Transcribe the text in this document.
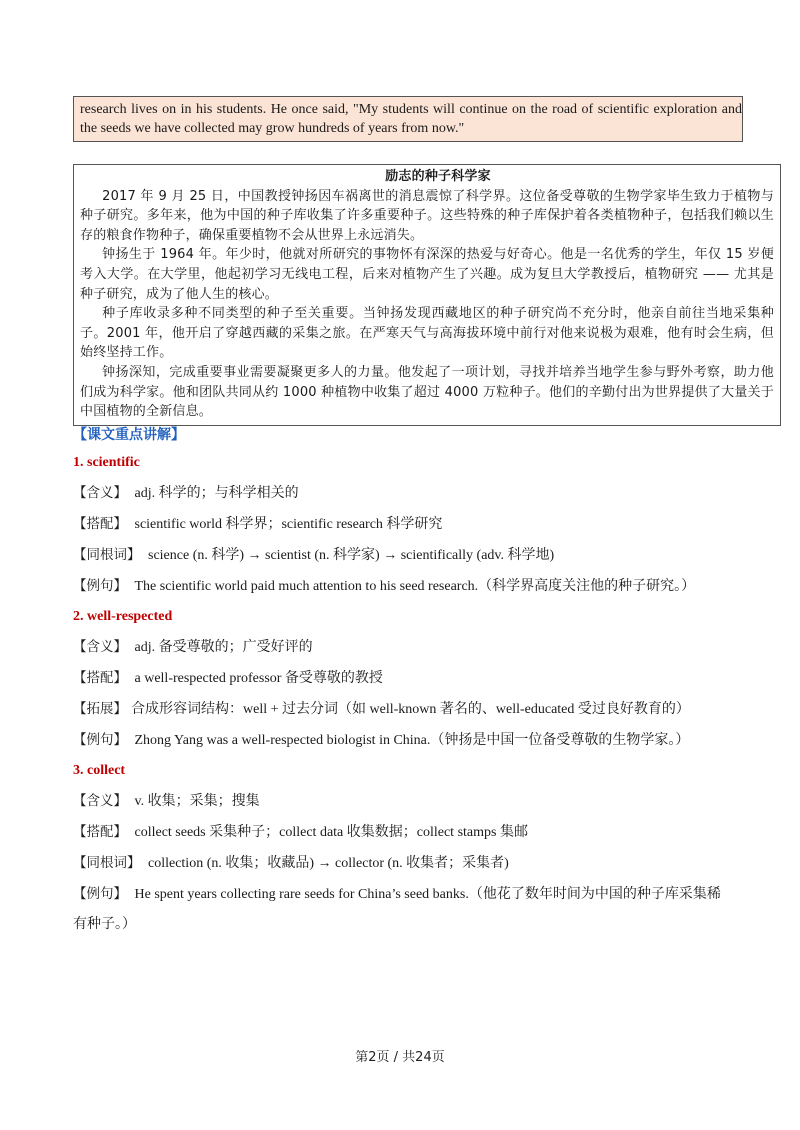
research lives on in his students. He once said, "My students will continue on the road of scientific exploration and the seeds we have collected may grow hundreds of years from now."

励志的种子科学家

2017 年 9 月 25 日，中国教授钟扬因车祸离世的消息震惊了科学界。这位备受尊敬的生物学家毕生致力于植物与种子研究。多年来，他为中国的种子库收集了许多重要种子。这些特殊的种子库保护着各类植物种子，包括我们赖以生存的粮食作物种子，确保重要植物不会从世界上永远消失。

钟扬生于 1964 年。年少时，他就对所研究的事物怀有深深的热爱与好奇心。他是一名优秀的学生，年仅 15 岁便考入大学。在大学里，他起初学习无线电工程，后来对植物产生了兴趣。成为复旦大学教授后，植物研究 —— 尤其是种子研究，成为了他人生的核心。

种子库收录多种不同类型的种子至关重要。当钟扬发现西藏地区的种子研究尚不充分时，他亲自前往当地采集种子。2001 年，他开启了穿越西藏的采集之旅。在严寒天气与高海拔环境中前行对他来说极为艰难，他有时会生病，但始终坚持工作。

钟扬深知，完成重要事业需要凝聚更多人的力量。他发起了一项计划，寻找并培养当地学生参与野外考察，助力他们成为科学家。他和团队共同从约 1000 种植物中收集了超过 4000 万粒种子。他们的辛勤付出为世界提供了大量关于中国植物的全新信息。

【课文重点讲解】

1. scientific

【含义】 adj. 科学的；与科学相关的

【搭配】 scientific world 科学界；scientific research 科学研究

【同根词】 science (n. 科学) → scientist (n. 科学家) → scientifically (adv. 科学地)

【例句】 The scientific world paid much attention to his seed research.（科学界高度关注他的种子研究。）

2. well-respected

【含义】 adj. 备受尊敬的；广受好评的

【搭配】 a well-respected professor 备受尊敬的教授

【拓展】 合成形容词结构：well + 过去分词（如 well-known 著名的、well-educated 受过良好教育的）

【例句】 Zhong Yang was a well-respected biologist in China.（钟扬是中国一位备受尊敬的生物学家。）

3. collect

【含义】 v. 收集；采集；搜集

【搭配】 collect seeds 采集种子；collect data 收集数据；collect stamps 集邮

【同根词】 collection (n. 收集；收藏品) → collector (n. 收集者；采集者)

【例句】 He spent years collecting rare seeds for China’s seed banks.（他花了数年时间为中国的种子库采集稀有种子。）

第2页 / 共24页
